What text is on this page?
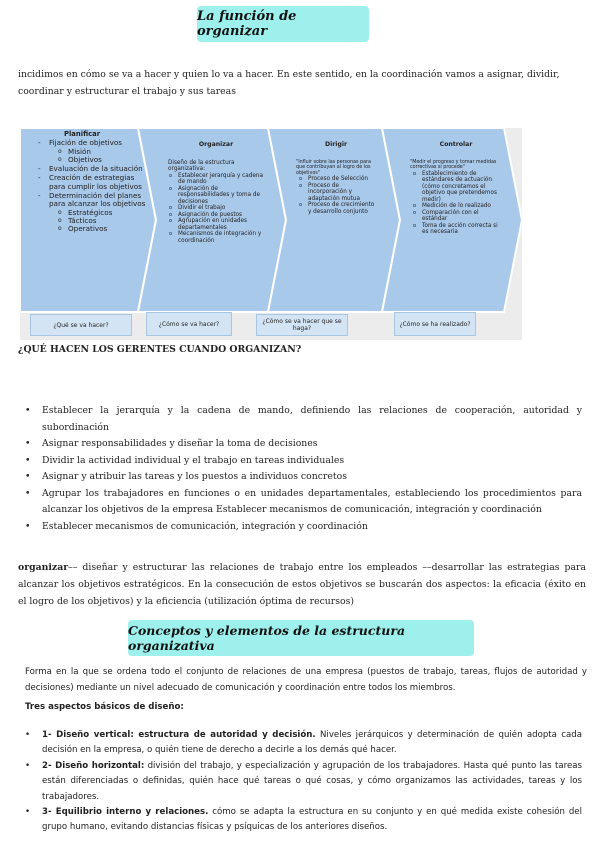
La función de organizar

incidimos en cómo se va a hacer y quien lo va a hacer. En este sentido, en la coordinación vamos a asignar, dividir, coordinar y estructurar el trabajo y sus tareas

Planificar
- Fijación de objetivos
o Misión
o Objetivos
- Evaluación de la situación
- Creación de estrategias para cumplir los objetivos
- Determinación del planes para alcanzar los objetivos
o Estratégicos
o Tácticos
o Operativos
Organizar
Diseño de la estructura organizativa:
o Establecer jerarquía y cadena de mando
o Asignación de responsabilidades y toma de decisiones
o Dividir el trabajo
o Asignación de puestos
o Agrupación en unidades departamentales
o Mecanismos de integración y coordinación
Dirigir
"Influir sobre las personas para que contribuyan al logro de los objetivos"
o Proceso de Selección
o Proceso de incorporación y adaptación mutua
o Proceso de crecimiento y desarrollo conjunto
Controlar
"Medir el progreso y tomar medidas correctivas si procede"
o Establecimiento de estándares de actuación (cómo concretamos el objetivo que pretendemos medir)
o Medición de lo realizado
o Comparación con el estándar
o Toma de acción correcta si es necesaria
¿Qué se va hacer?	¿Cómo se va hacer?	¿Cómo se va hacer que se haga?
¿Cómo se ha realizado?

¿QUÉ HACEN LOS GERENTES CUANDO ORGANIZAN?

• Establecer la jerarquía y la cadena de mando, definiendo las relaciones de cooperación, autoridad y subordinación
• Asignar responsabilidades y diseñar la toma de decisiones
• Dividir la actividad individual y el trabajo en tareas individuales
• Asignar y atribuir las tareas y los puestos a individuos concretos
• Agrupar los trabajadores en funciones o en unidades departamentales, estableciendo los procedimientos para alcanzar los objetivos de la empresa Establecer mecanismos de comunicación, integración y coordinación
• Establecer mecanismos de comunicación, integración y coordinación

organizar–– diseñar y estructurar las relaciones de trabajo entre los empleados ––desarrollar las estrategias para alcanzar los objetivos estratégicos. En la consecución de estos objetivos se buscarán dos aspectos: la eficacia (éxito en el logro de los objetivos) y la eficiencia (utilización óptima de recursos)

Conceptos y elementos de la estructura organizativa

Forma en la que se ordena todo el conjunto de relaciones de una empresa (puestos de trabajo, tareas, flujos de autoridad y decisiones) mediante un nivel adecuado de comunicación y coordinación entre todos los miembros.

Tres aspectos básicos de diseño:

• 1- Diseño vertical: estructura de autoridad y decisión. Niveles jerárquicos y determinación de quién adopta cada decisión en la empresa, o quién tiene de derecho a decirle a los demás qué hacer.
• 2- Diseño horizontal: división del trabajo, y especialización y agrupación de los trabajadores. Hasta qué punto las tareas están diferenciadas o definidas, quién hace qué tareas o qué cosas, y cómo organizamos las actividades, tareas y los trabajadores.
• 3- Equilibrio interno y relaciones. cómo se adapta la estructura en su conjunto y en qué medida existe cohesión del grupo humano, evitando distancias físicas y psíquicas de los anteriores diseños.
